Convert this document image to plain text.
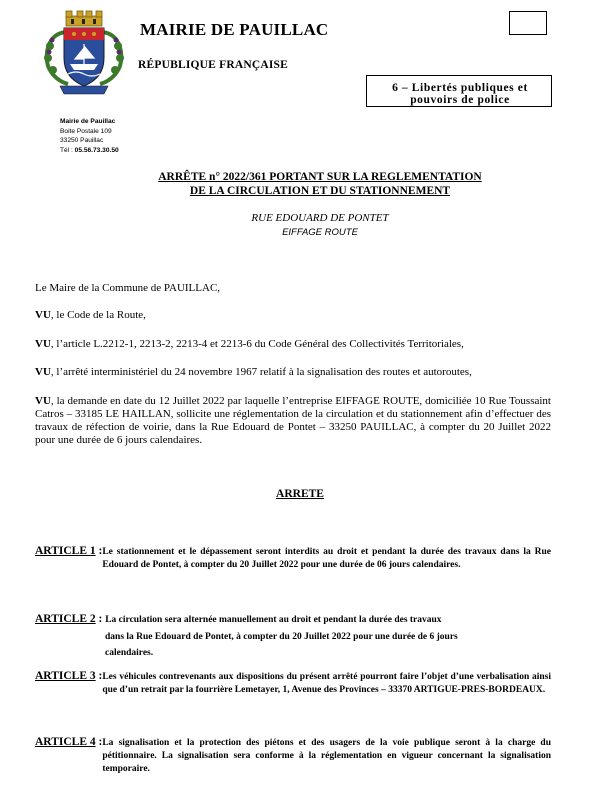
MAIRIE DE PAUILLAC
RÉPUBLIQUE FRANÇAISE
6 – Libertés publiques et
pouvoirs de police
Mairie de Pauillac
Boite Postale 109
33250 Pauillac
Tél : 05.56.73.30.50
ARRÊTE n° 2022/361 PORTANT SUR LA REGLEMENTATION
DE LA CIRCULATION ET DU STATIONNEMENT
RUE EDOUARD DE PONTET
EIFFAGE ROUTE
Le Maire de la Commune de PAUILLAC,
VU, le Code de la Route,
VU, l’article L.2212-1, 2213-2, 2213-4 et 2213-6 du Code Général des Collectivités Territoriales,
VU, l’arrêté interministériel du 24 novembre 1967 relatif à la signalisation des routes et autoroutes,
VU, la demande en date du 12 Juillet 2022 par laquelle l’entreprise EIFFAGE ROUTE, domiciliée 10 Rue Toussaint Catros – 33185 LE HAILLAN, sollicite une réglementation de la circulation et du stationnement afin d’effectuer des travaux de réfection de voirie, dans la Rue Edouard de Pontet – 33250 PAUILLAC, à compter du 20 Juillet 2022 pour une durée de 6 jours calendaires.
ARRETE
ARTICLE 1 : Le stationnement et le dépassement seront interdits au droit et pendant la durée des travaux dans la Rue Edouard de Pontet, à compter du 20 Juillet 2022 pour une durée de 06 jours calendaires.
ARTICLE 2 : La circulation sera alternée manuellement au droit et pendant la durée des travaux
dans la Rue Edouard de Pontet, à compter du 20 Juillet 2022 pour une durée de 6 jours
calendaires.
ARTICLE 3 : Les véhicules contrevenants aux dispositions du présent arrêté pourront faire l’objet d’une verbalisation ainsi que d’un retrait par la fourrière Lemetayer, 1, Avenue des Provinces – 33370 ARTIGUE-PRES-BORDEAUX.
ARTICLE 4 : La signalisation et la protection des piétons et des usagers de la voie publique seront à la charge du pétitionnaire. La signalisation sera conforme à la réglementation en vigueur concernant la signalisation temporaire.
